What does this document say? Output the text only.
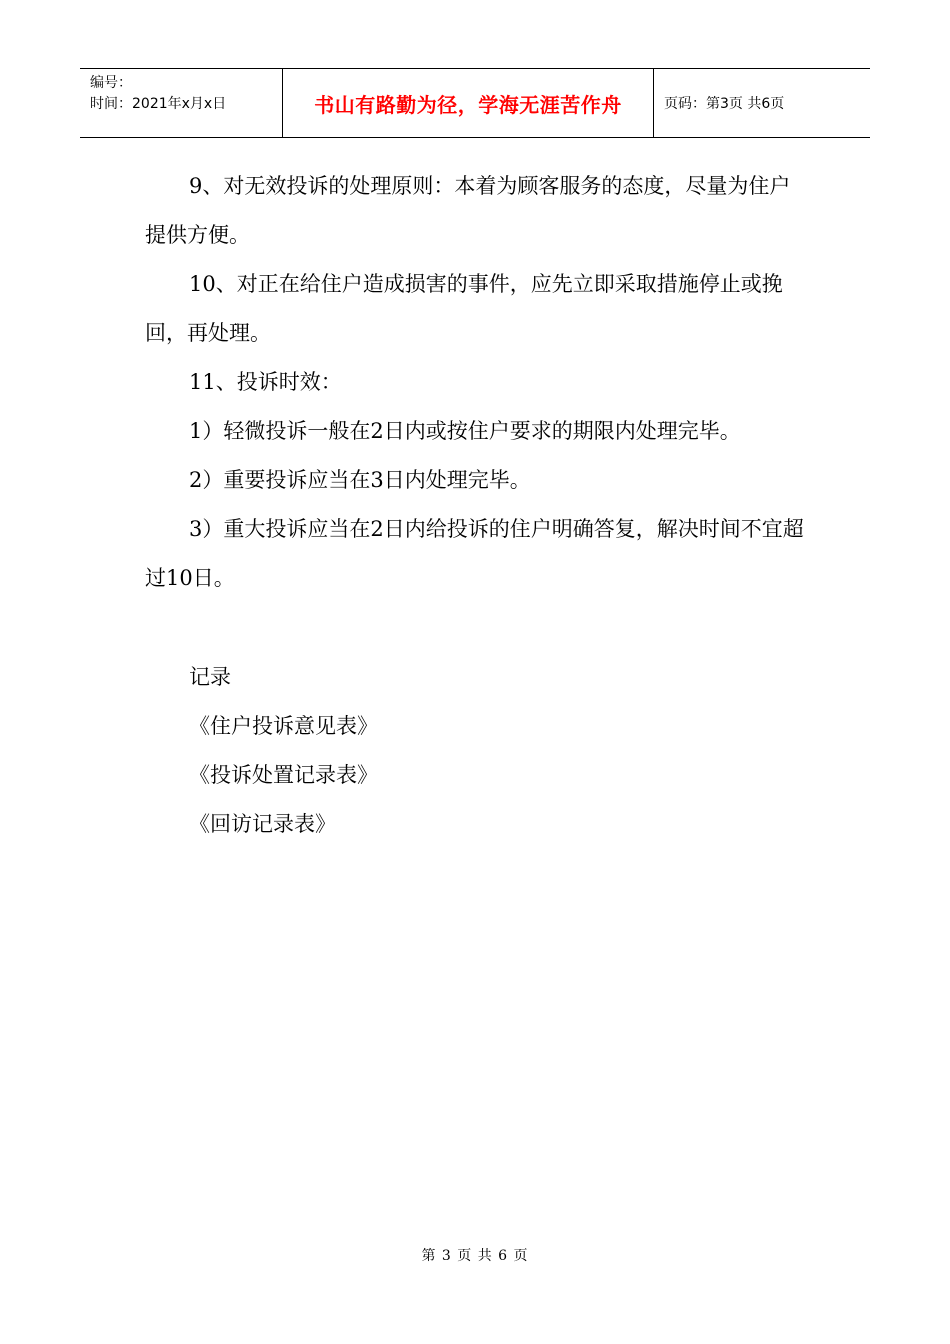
编号：
时间：2021年x月x日	书山有路勤为径，学海无涯苦作舟	页码：第3页 共6页

9、对无效投诉的处理原则：本着为顾客服务的态度，尽量为住户提供方便。

10、对正在给住户造成损害的事件，应先立即采取措施停止或挽回，再处理。

11、投诉时效：

1）轻微投诉一般在2日内或按住户要求的期限内处理完毕。

2）重要投诉应当在3日内处理完毕。

3）重大投诉应当在2日内给投诉的住户明确答复，解决时间不宜超过10日。

记录

《住户投诉意见表》

《投诉处置记录表》

《回访记录表》

第 3 页 共 6 页
